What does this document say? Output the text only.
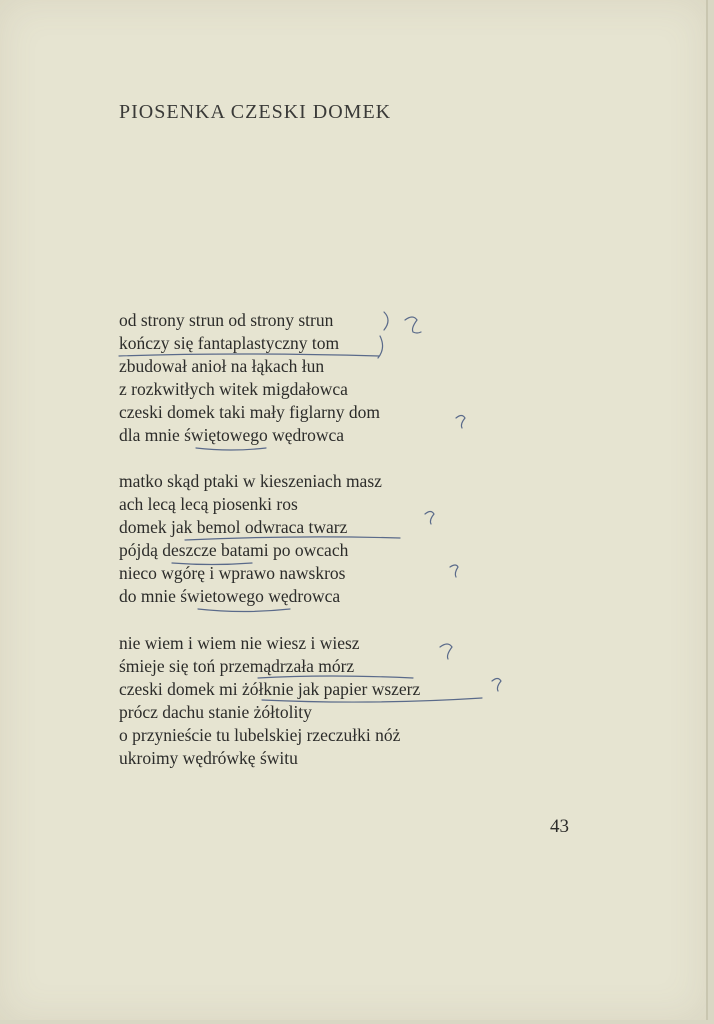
PIOSENKA CZESKI DOMEK

od strony strun od strony strun

kończy się fantaplastyczny tom

zbudował anioł na łąkach łun

z rozkwitłych witek migdałowca

czeski domek taki mały figlarny dom

dla mnie świętowego wędrowca

matko skąd ptaki w kieszeniach masz

ach lecą lecą piosenki ros

domek jak bemol odwraca twarz

pójdą deszcze batami po owcach

nieco wgórę i wprawo nawskros

do mnie świetowego wędrowca

nie wiem i wiem nie wiesz i wiesz

śmieje się toń przemądrzała mórz

czeski domek mi żółknie jak papier wszerz

prócz dachu stanie żółtolity

o przynieście tu lubelskiej rzeczułki nóż

ukroimy wędrówkę świtu

43
